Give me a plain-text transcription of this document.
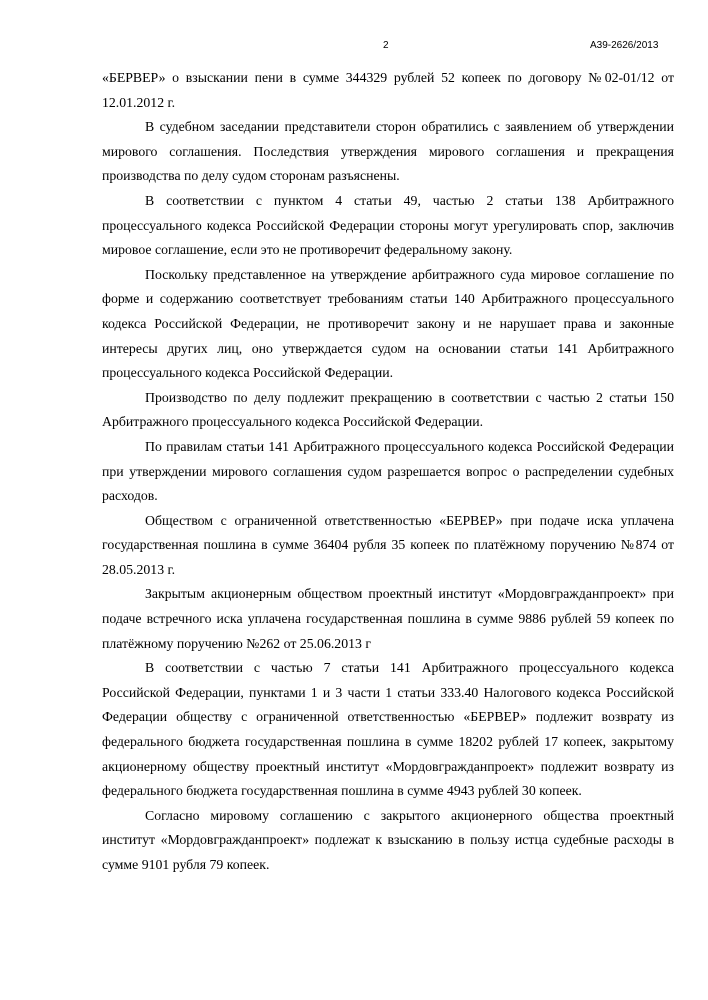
2	А39-2626/2013

«БЕРВЕР» о взыскании пени в сумме 344329 рублей 52 копеек по договору №02-01/12 от 12.01.2012 г.

В судебном заседании представители сторон обратились с заявлением об утверждении мирового соглашения. Последствия утверждения мирового соглашения и прекращения производства по делу судом сторонам разъяснены.

В соответствии с пунктом 4 статьи 49, частью 2 статьи 138 Арбитражного процессуального кодекса Российской Федерации стороны могут урегулировать спор, заключив мировое соглашение, если это не противоречит федеральному закону.

Поскольку представленное на утверждение арбитражного суда мировое соглашение по форме и содержанию соответствует требованиям статьи 140 Арбитражного процессуального кодекса Российской Федерации, не противоречит закону и не нарушает права и законные интересы других лиц, оно утверждается судом на основании статьи 141 Арбитражного процессуального кодекса Российской Федерации.

Производство по делу подлежит прекращению в соответствии с частью 2 статьи 150 Арбитражного процессуального кодекса Российской Федерации.

По правилам статьи 141 Арбитражного процессуального кодекса Российской Федерации при утверждении мирового соглашения судом разрешается вопрос о распределении судебных расходов.

Обществом с ограниченной ответственностью «БЕРВЕР» при подаче иска уплачена государственная пошлина в сумме 36404 рубля 35 копеек по платёжному поручению №874 от 28.05.2013 г.

Закрытым акционерным обществом проектный институт «Мордовгражданпроект» при подаче встречного иска уплачена государственная пошлина в сумме 9886 рублей 59 копеек по платёжному поручению №262 от 25.06.2013 г

В соответствии с частью 7 статьи 141 Арбитражного процессуального кодекса Российской Федерации, пунктами 1 и 3 части 1 статьи 333.40 Налогового кодекса Российской Федерации обществу с ограниченной ответственностью «БЕРВЕР» подлежит возврату из федерального бюджета государственная пошлина в сумме 18202 рублей 17 копеек, закрытому акционерному обществу проектный институт «Мордовгражданпроект» подлежит возврату из федерального бюджета государственная пошлина в сумме 4943 рублей 30 копеек.

Согласно мировому соглашению с закрытого акционерного общества проектный институт «Мордовгражданпроект» подлежат к взысканию в пользу истца судебные расходы в сумме 9101 рубля 79 копеек.
